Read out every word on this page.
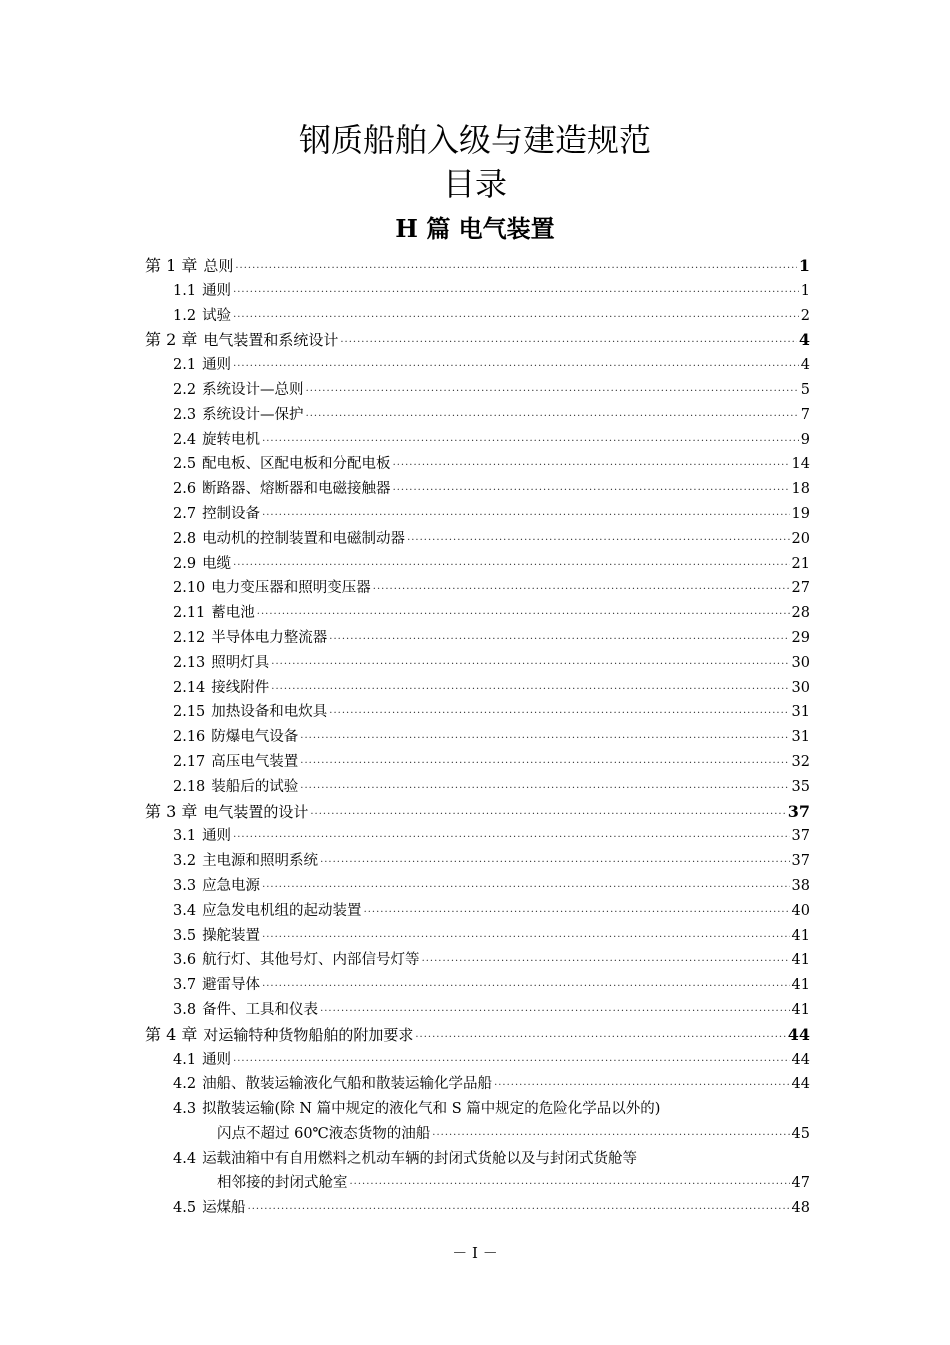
钢质船舶入级与建造规范
目录
H 篇 电气装置
第 1 章 总则 ·····	1
1.1 通则 ·····	1
1.2 试验 ·····	2
第 2 章 电气装置和系统设计 ·····	4
2.1 通则 ·····	4
2.2 系统设计—总则 ·····	5
2.3 系统设计—保护 ·····	7
2.4 旋转电机 ·····	9
2.5 配电板、区配电板和分配电板 ·····	14
2.6 断路器、熔断器和电磁接触器 ·····	18
2.7 控制设备 ·····	19
2.8 电动机的控制装置和电磁制动器 ·····	20
2.9 电缆 ·····	21
2.10 电力变压器和照明变压器 ·····	27
2.11 蓄电池 ·····	28
2.12 半导体电力整流器 ·····	29
2.13 照明灯具 ·····	30
2.14 接线附件 ·····	30
2.15 加热设备和电炊具 ·····	31
2.16 防爆电气设备 ·····	31
2.17 高压电气装置 ·····	32
2.18 装船后的试验 ·····	35
第 3 章 电气装置的设计 ·····	37
3.1 通则 ·····	37
3.2 主电源和照明系统 ·····	37
3.3 应急电源 ·····	38
3.4 应急发电机组的起动装置 ·····	40
3.5 操舵装置 ·····	41
3.6 航行灯、其他号灯、内部信号灯等 ·····	41
3.7 避雷导体 ·····	41
3.8 备件、工具和仪表 ·····	41
第 4 章 对运输特种货物船舶的附加要求 ·····	44
4.1 通则 ·····	44
4.2 油船、散装运输液化气船和散装运输化学品船 ·····	44
4.3 拟散装运输(除 N 篇中规定的液化气和 S 篇中规定的危险化学品以外的)
闪点不超过 60℃液态货物的油船 ·····	45
4.4 运载油箱中有自用燃料之机动车辆的封闭式货舱以及与封闭式货舱等
相邻接的封闭式舱室 ·····	47
4.5 运煤船 ·····	48
－ I －
